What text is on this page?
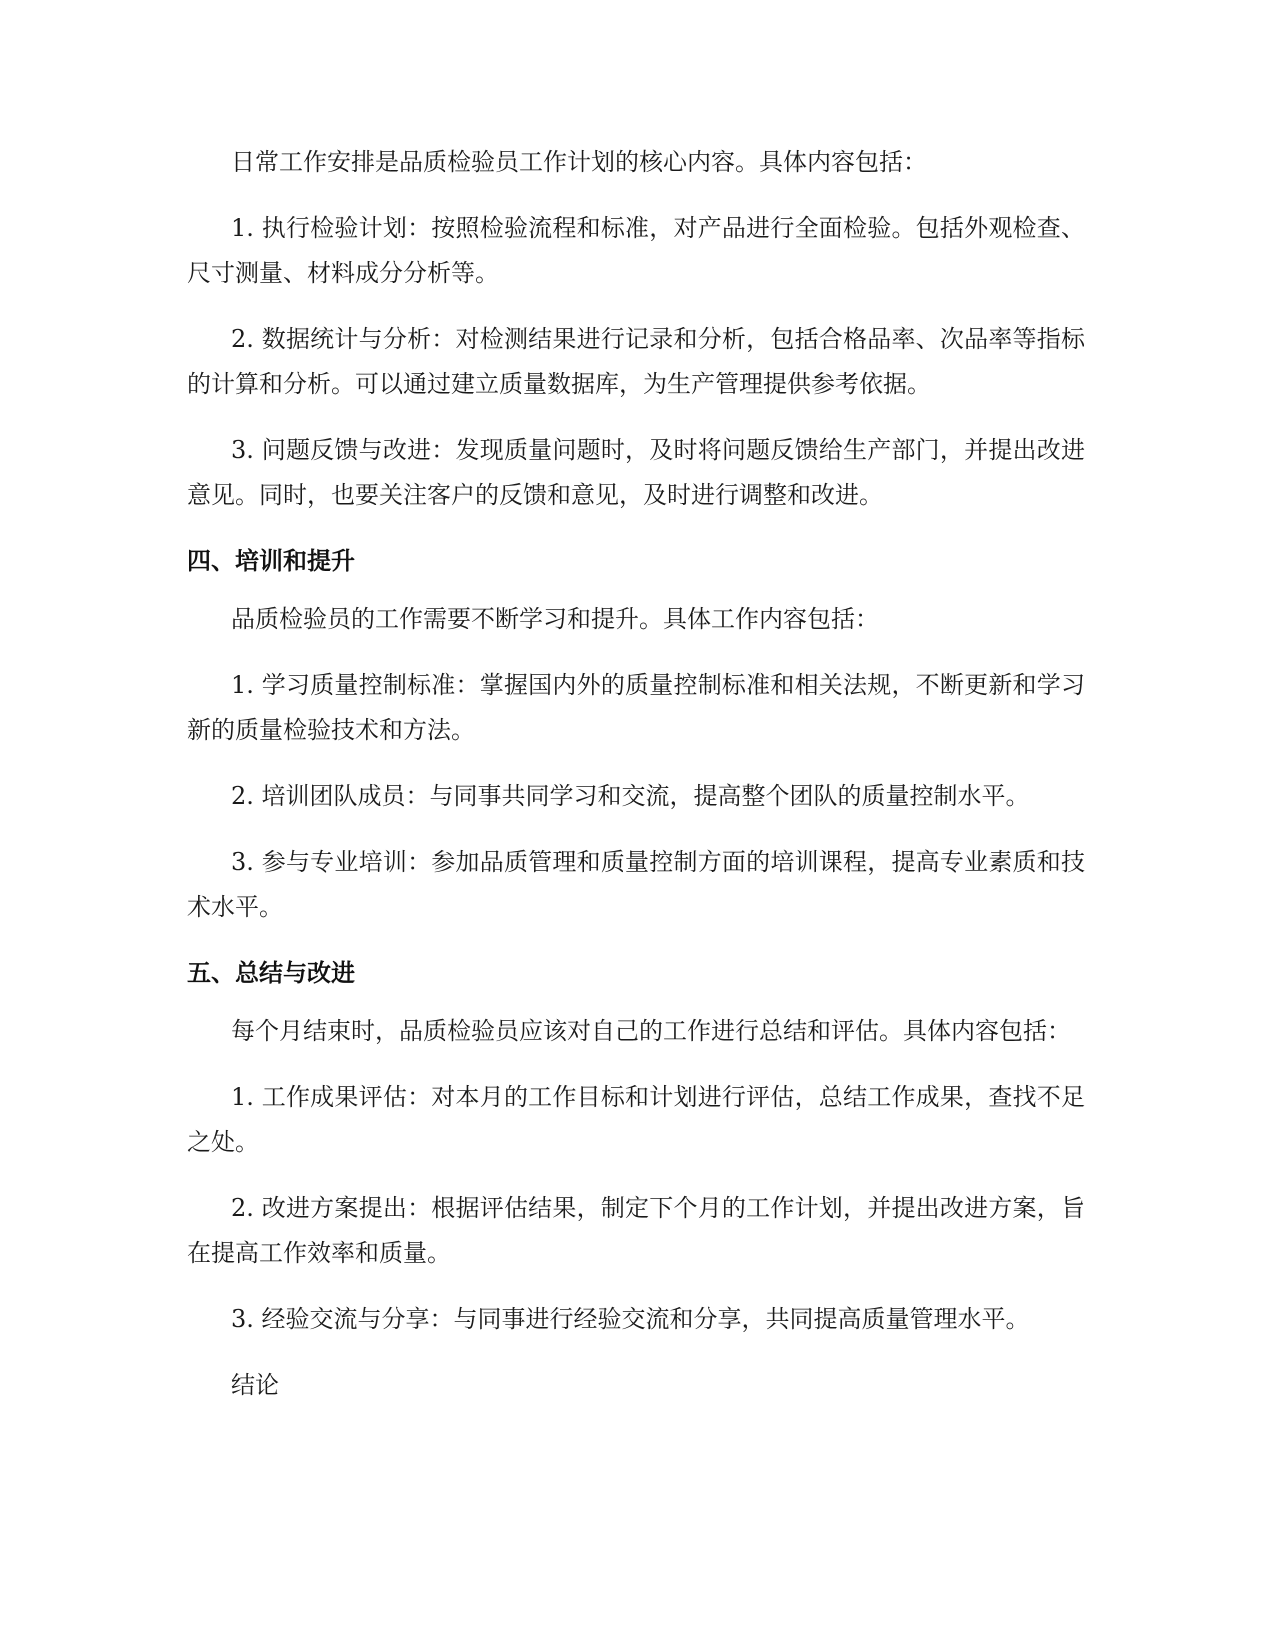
日常工作安排是品质检验员工作计划的核心内容。具体内容包括：

1. 执行检验计划：按照检验流程和标准，对产品进行全面检验。包括外观检查、尺寸测量、材料成分分析等。

2. 数据统计与分析：对检测结果进行记录和分析，包括合格品率、次品率等指标的计算和分析。可以通过建立质量数据库，为生产管理提供参考依据。

3. 问题反馈与改进：发现质量问题时，及时将问题反馈给生产部门，并提出改进意见。同时，也要关注客户的反馈和意见，及时进行调整和改进。

四、培训和提升

品质检验员的工作需要不断学习和提升。具体工作内容包括：

1. 学习质量控制标准：掌握国内外的质量控制标准和相关法规，不断更新和学习新的质量检验技术和方法。

2. 培训团队成员：与同事共同学习和交流，提高整个团队的质量控制水平。

3. 参与专业培训：参加品质管理和质量控制方面的培训课程，提高专业素质和技术水平。

五、总结与改进

每个月结束时，品质检验员应该对自己的工作进行总结和评估。具体内容包括：

1. 工作成果评估：对本月的工作目标和计划进行评估，总结工作成果，查找不足之处。

2. 改进方案提出：根据评估结果，制定下个月的工作计划，并提出改进方案，旨在提高工作效率和质量。

3. 经验交流与分享：与同事进行经验交流和分享，共同提高质量管理水平。

结论
